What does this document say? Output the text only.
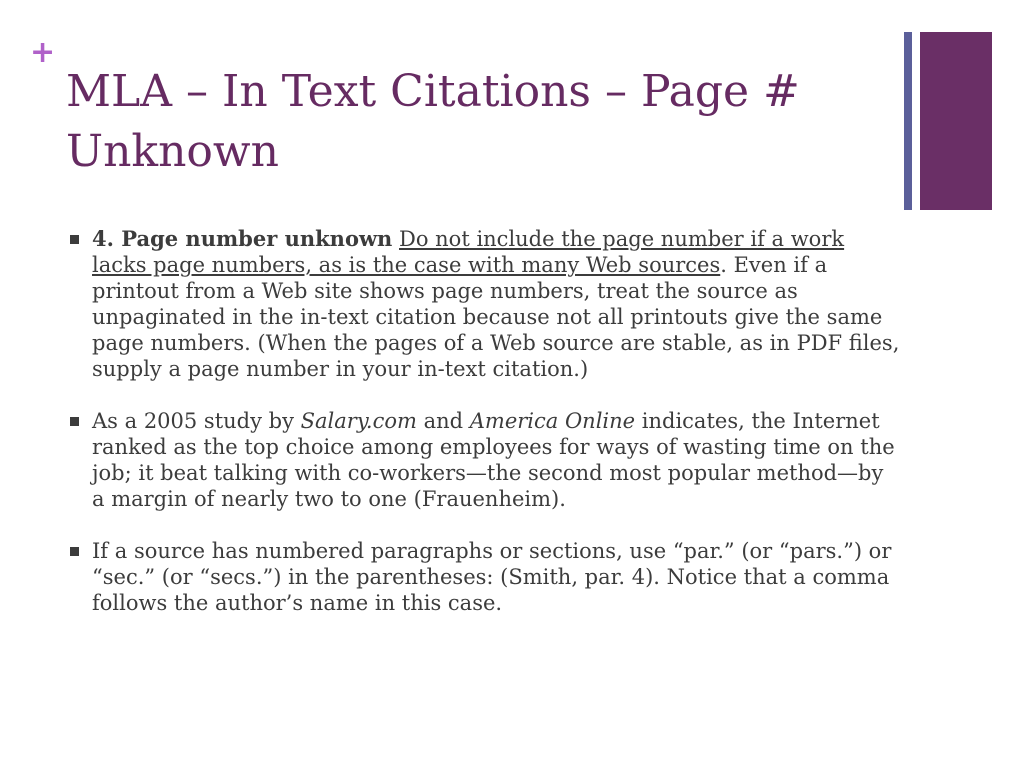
+
MLA – In Text Citations – Page # Unknown
4. Page number unknown Do not include the page number if a work lacks page numbers, as is the case with many Web sources. Even if a printout from a Web site shows page numbers, treat the source as unpaginated in the in-text citation because not all printouts give the same page numbers. (When the pages of a Web source are stable, as in PDF files, supply a page number in your in-text citation.)
As a 2005 study by Salary.com and America Online indicates, the Internet ranked as the top choice among employees for ways of wasting time on the job; it beat talking with co-workers—the second most popular method—by a margin of nearly two to one (Frauenheim).
If a source has numbered paragraphs or sections, use “par.” (or “pars.”) or “sec.” (or “secs.”) in the parentheses: (Smith, par. 4). Notice that a comma follows the author’s name in this case.
